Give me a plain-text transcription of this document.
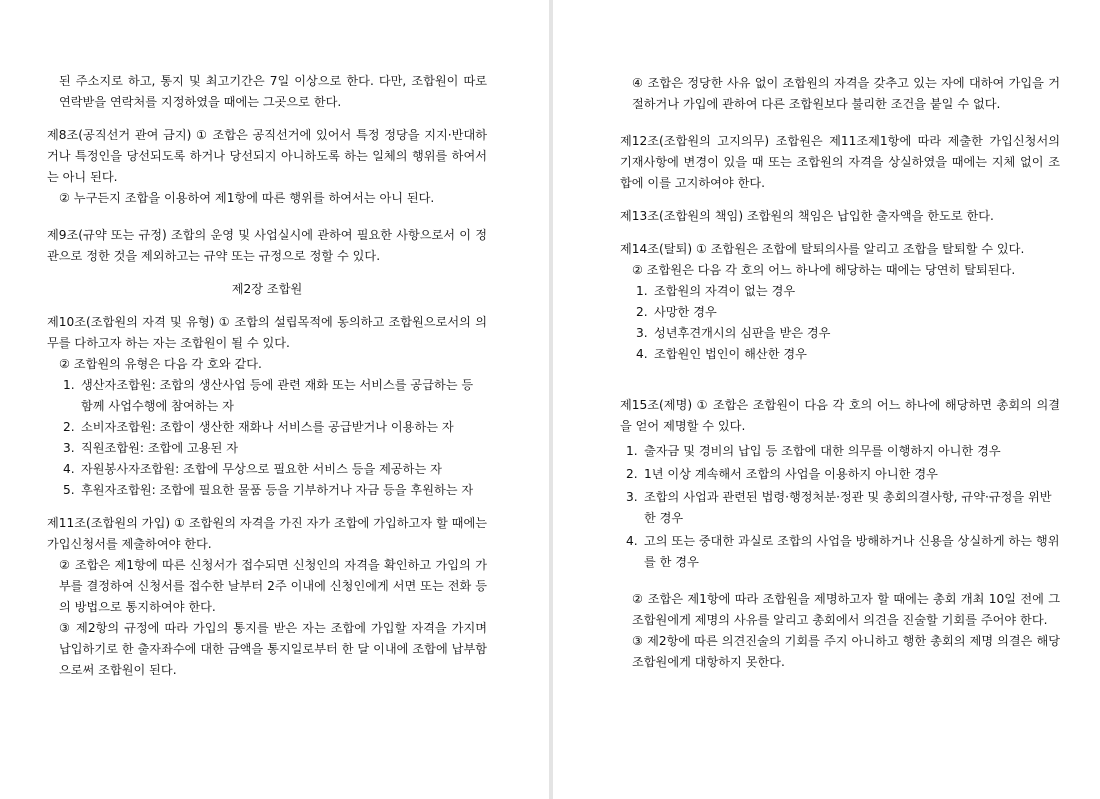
된 주소지로 하고, 통지 및 최고기간은 7일 이상으로 한다. 다만, 조합원이 따로 연락받을 연락처를 지정하였을 때에는 그곳으로 한다.

제8조(공직선거 관여 금지) ① 조합은 공직선거에 있어서 특정 정당을 지지·반대하거나 특정인을 당선되도록 하거나 당선되지 아니하도록 하는 일체의 행위를 하여서는 아니 된다.

② 누구든지 조합을 이용하여 제1항에 따른 행위를 하여서는 아니 된다.

제9조(규약 또는 규정) 조합의 운영 및 사업실시에 관하여 필요한 사항으로서 이 정관으로 정한 것을 제외하고는 규약 또는 규정으로 정할 수 있다.

제2장 조합원

제10조(조합원의 자격 및 유형) ① 조합의 설립목적에 동의하고 조합원으로서의 의무를 다하고자 하는 자는 조합원이 될 수 있다.

② 조합원의 유형은 다음 각 호와 같다.

1. 생산자조합원: 조합의 생산사업 등에 관련 재화 또는 서비스를 공급하는 등 함께 사업수행에 참여하는 자
2. 소비자조합원: 조합이 생산한 재화나 서비스를 공급받거나 이용하는 자
3. 직원조합원: 조합에 고용된 자
4. 자원봉사자조합원: 조합에 무상으로 필요한 서비스 등을 제공하는 자
5. 후원자조합원: 조합에 필요한 물품 등을 기부하거나 자금 등을 후원하는 자

제11조(조합원의 가입) ① 조합원의 자격을 가진 자가 조합에 가입하고자 할 때에는 가입신청서를 제출하여야 한다.

② 조합은 제1항에 따른 신청서가 접수되면 신청인의 자격을 확인하고 가입의 가부를 결정하여 신청서를 접수한 날부터 2주 이내에 신청인에게 서면 또는 전화 등의 방법으로 통지하여야 한다.

③ 제2항의 규정에 따라 가입의 통지를 받은 자는 조합에 가입할 자격을 가지며 납입하기로 한 출자좌수에 대한 금액을 통지일로부터 한 달 이내에 조합에 납부함으로써 조합원이 된다.

④ 조합은 정당한 사유 없이 조합원의 자격을 갖추고 있는 자에 대하여 가입을 거절하거나 가입에 관하여 다른 조합원보다 불리한 조건을 붙일 수 없다.

제12조(조합원의 고지의무) 조합원은 제11조제1항에 따라 제출한 가입신청서의 기재사항에 변경이 있을 때 또는 조합원의 자격을 상실하였을 때에는 지체 없이 조합에 이를 고지하여야 한다.

제13조(조합원의 책임) 조합원의 책임은 납입한 출자액을 한도로 한다.

제14조(탈퇴) ① 조합원은 조합에 탈퇴의사를 알리고 조합을 탈퇴할 수 있다.

② 조합원은 다음 각 호의 어느 하나에 해당하는 때에는 당연히 탈퇴된다.

1. 조합원의 자격이 없는 경우
2. 사망한 경우
3. 성년후견개시의 심판을 받은 경우
4. 조합원인 법인이 해산한 경우

제15조(제명) ① 조합은 조합원이 다음 각 호의 어느 하나에 해당하면 총회의 의결을 얻어 제명할 수 있다.

1. 출자금 및 경비의 납입 등 조합에 대한 의무를 이행하지 아니한 경우
2. 1년 이상 계속해서 조합의 사업을 이용하지 아니한 경우
3. 조합의 사업과 관련된 법령·행정처분·정관 및 총회의결사항, 규약·규정을 위반한 경우
4. 고의 또는 중대한 과실로 조합의 사업을 방해하거나 신용을 상실하게 하는 행위를 한 경우

② 조합은 제1항에 따라 조합원을 제명하고자 할 때에는 총회 개최 10일 전에 그 조합원에게 제명의 사유를 알리고 총회에서 의견을 진술할 기회를 주어야 한다.

③ 제2항에 따른 의견진술의 기회를 주지 아니하고 행한 총회의 제명 의결은 해당 조합원에게 대항하지 못한다.
